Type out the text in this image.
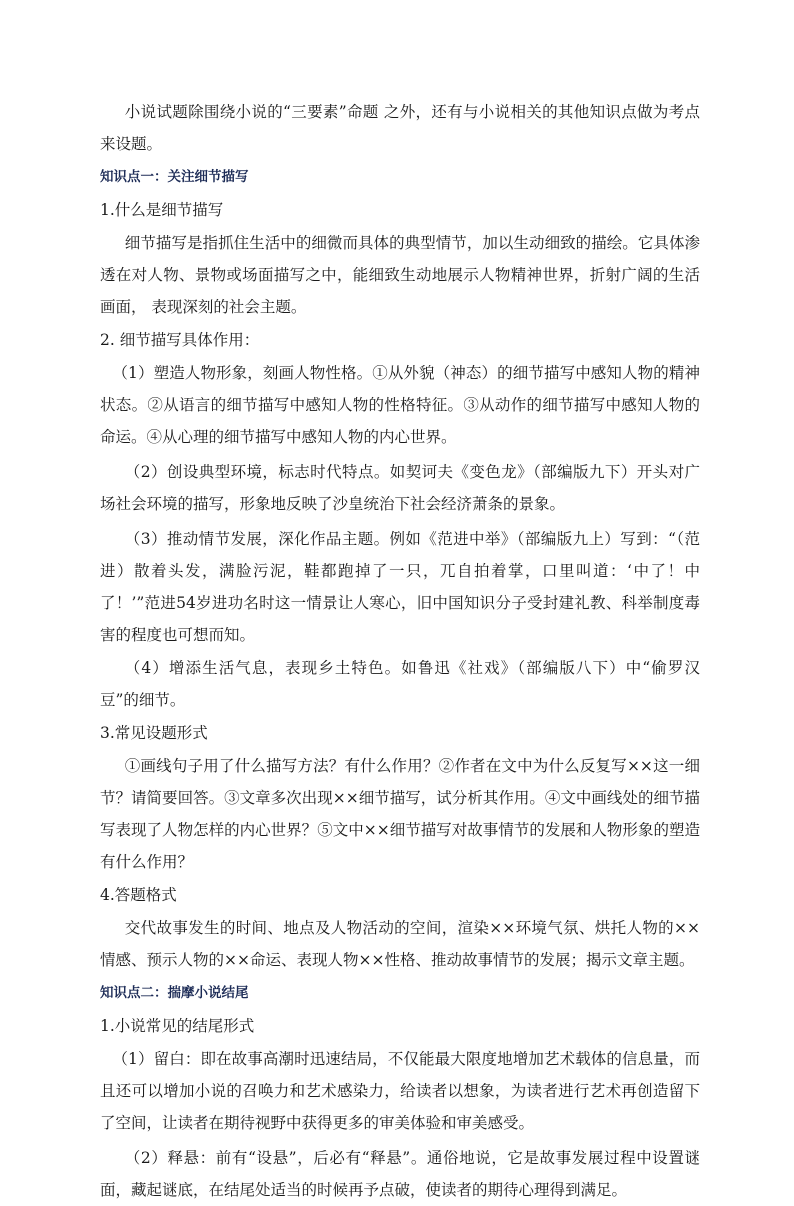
小说试题除围绕小说的“三要素”命题 之外，还有与小说相关的其他知识点做为考点来设题。

知识点一：关注细节描写

1.什么是细节描写

细节描写是指抓住生活中的细微而具体的典型情节，加以生动细致的描绘。它具体渗透在对人物、景物或场面描写之中，能细致生动地展示人物精神世界，折射广阔的生活画面， 表现深刻的社会主题。

2. 细节描写具体作用：

（1）塑造人物形象，刻画人物性格。①从外貌（神态）的细节描写中感知人物的精神状态。②从语言的细节描写中感知人物的性格特征。③从动作的细节描写中感知人物的命运。④从心理的细节描写中感知人物的内心世界。

（2）创设典型环境，标志时代特点。如契诃夫《变色龙》（部编版九下）开头对广场社会环境的描写，形象地反映了沙皇统治下社会经济萧条的景象。

（3）推动情节发展，深化作品主题。例如《范进中举》（部编版九上）写到：“（范进）散着头发，满脸污泥，鞋都跑掉了一只，兀自拍着掌，口里叫道：‘中了！中了！’”范进54岁进功名时这一情景让人寒心，旧中国知识分子受封建礼教、科举制度毒害的程度也可想而知。

（4）增添生活气息，表现乡土特色。如鲁迅《社戏》（部编版八下）中“偷罗汉豆”的细节。

3.常见设题形式

①画线句子用了什么描写方法？有什么作用？②作者在文中为什么反复写××这一细节？请简要回答。③文章多次出现××细节描写，试分析其作用。④文中画线处的细节描写表现了人物怎样的内心世界？⑤文中××细节描写对故事情节的发展和人物形象的塑造有什么作用？

4.答题格式

交代故事发生的时间、地点及人物活动的空间，渲染××环境气氛、烘托人物的××情感、预示人物的××命运、表现人物××性格、推动故事情节的发展；揭示文章主题。

知识点二：揣摩小说结尾

1.小说常见的结尾形式

（1）留白：即在故事高潮时迅速结局，不仅能最大限度地增加艺术载体的信息量，而且还可以增加小说的召唤力和艺术感染力，给读者以想象，为读者进行艺术再创造留下了空间，让读者在期待视野中获得更多的审美体验和审美感受。

（2）释悬：前有“设悬”，后必有“释悬”。通俗地说，它是故事发展过程中设置谜面，藏起谜底，在结尾处适当的时候再予点破，使读者的期待心理得到满足。
